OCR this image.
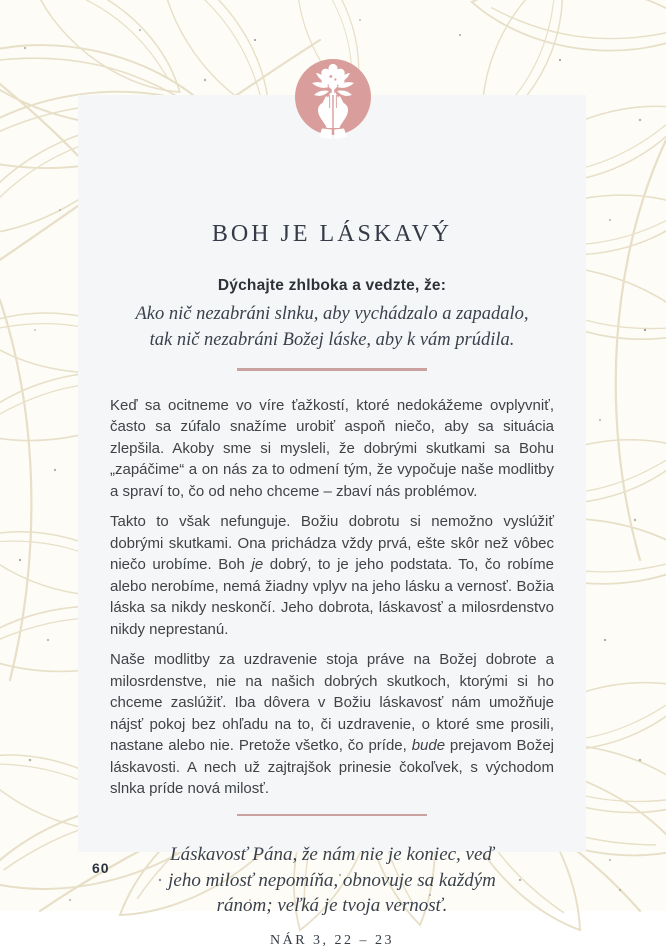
BOH JE LÁSKAVÝ
Dýchajte zhlboka a vedzte, že:
Ako nič nezabráni slnku, aby vychádzalo a zapadalo,
tak nič nezabráni Božej láske, aby k vám prúdila.

Keď sa ocitneme vo víre ťažkostí, ktoré nedokážeme ovplyvniť, často sa zúfalo snažíme urobiť aspoň niečo, aby sa situácia zlepšila. Akoby sme si mysleli, že dobrými skutkami sa Bohu „zapáčime“ a on nás za to odmení tým, že vypočuje naše modlitby a spraví to, čo od neho chceme – zbaví nás problémov.

Takto to však nefunguje. Božiu dobrotu si nemožno vyslúžiť dobrými skutkami. Ona prichádza vždy prvá, ešte skôr než vôbec niečo urobíme. Boh je dobrý, to je jeho podstata. To, čo robíme alebo nerobíme, nemá žiadny vplyv na jeho lásku a vernosť. Božia láska sa nikdy neskončí. Jeho dobrota, láskavosť a milosrdenstvo nikdy neprestanú.

Naše modlitby za uzdravenie stoja práve na Božej dobrote a milosrdenstve, nie na našich dobrých skutkoch, ktorými si ho chceme zaslúžiť. Iba dôvera v Božiu láskavosť nám umožňuje nájsť pokoj bez ohľadu na to, či uzdravenie, o ktoré sme prosili, nastane alebo nie. Pretože všetko, čo príde, bude prejavom Božej láskavosti. A nech už zajtrajšok prinesie čokoľvek, s východom slnka príde nová milosť.

Láskavosť Pána, že nám nie je koniec, veď
jeho milosť nepomíňa, obnovuje sa každým
ránom; veľká je tvoja vernosť.
NÁR 3, 22 – 23
60
